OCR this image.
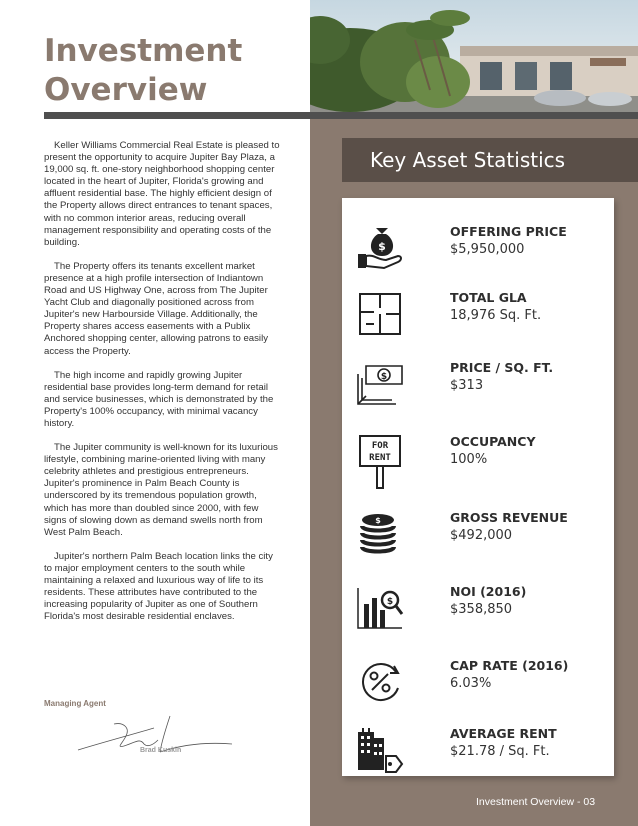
Investment
Overview

Keller Williams Commercial Real Estate is pleased to present the opportunity to acquire Jupiter Bay Plaza, a 19,000 sq. ft. one-story neighborhood shopping center located in the heart of Jupiter, Florida's growing and affluent residential base. The highly efficient design of the Property allows direct entrances to tenant spaces, with no common interior areas, reducing overall management responsibility and operating costs of the building.

The Property offers its tenants excellent market presence at a high profile intersection of Indiantown Road and US Highway One, across from The Jupiter Yacht Club and diagonally positioned across from Jupiter's new Harbourside Village. Additionally, the Property shares access easements with a Publix Anchored shopping center, allowing patrons to easily access the Property.

The high income and rapidly growing Jupiter residential base provides long-term demand for retail and service businesses, which is demonstrated by the Property's 100% occupancy, with minimal vacancy history.

The Jupiter community is well-known for its luxurious lifestyle, combining marine-oriented living with many celebrity athletes and prestigious entrepreneurs. Jupiter's prominence in Palm Beach County is underscored by its tremendous population growth, which has more than doubled since 2000, with few signs of slowing down as demand swells north from West Palm Beach.

Jupiter's northern Palm Beach location links the city to major employment centers to the south while maintaining a relaxed and luxurious way of life to its residents. These attributes have contributed to the increasing popularity of Jupiter as one of Southern Florida's most desirable residential enclaves.

Managing Agent
Brad Kuskin
Key Asset Statistics
$
OFFERING PRICE
$5,950,000
TOTAL GLA
18,976 Sq. Ft.
$
PRICE / SQ. FT.
$313
FOR
RENT
OCCUPANCY
100%
$	GROSS REVENUE
$492,000
$
NOI (2016)
$358,850
CAP RATE (2016)
6.03%
AVERAGE RENT
$21.78 / Sq. Ft.
Investment Overview - 03
